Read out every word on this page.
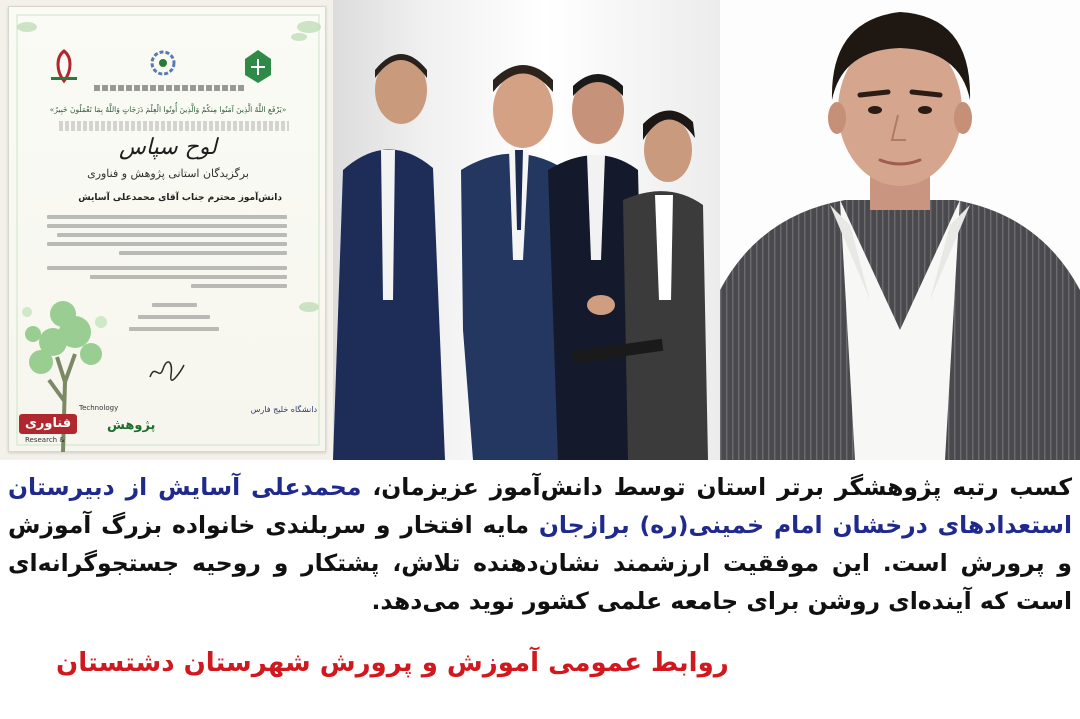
«يَرْفَعِ اللَّهُ الَّذِينَ آمَنُوا مِنكُمْ وَالَّذِينَ أُوتُوا الْعِلْمَ دَرَجَاتٍ وَاللَّهُ بِمَا تَعْمَلُونَ خَبِيرٌ»
لوح سپاس
برگزیدگان استانی پژوهش و فناوری
دانش‌آموز محترم جناب آقای محمدعلی آسایش
Technology
فناوری	پژوهش
Research &
دانشگاه خلیج فارس

کسب رتبه پژوهشگر برتر استان توسط دانش‌آموز عزیزمان، محمدعلی آسایش از دبیرستان استعدادهای درخشان امام خمینی(ره) برازجان مایه افتخار و سربلندی خانواده بزرگ آموزش و پرورش است. این موفقیت ارزشمند نشان‌دهنده تلاش، پشتکار و روحیه جستجوگرانه‌ای است که آینده‌ای روشن برای جامعه علمی کشور نوید می‌دهد.

روابط عمومی آموزش و پرورش شهرستان دشتستان
